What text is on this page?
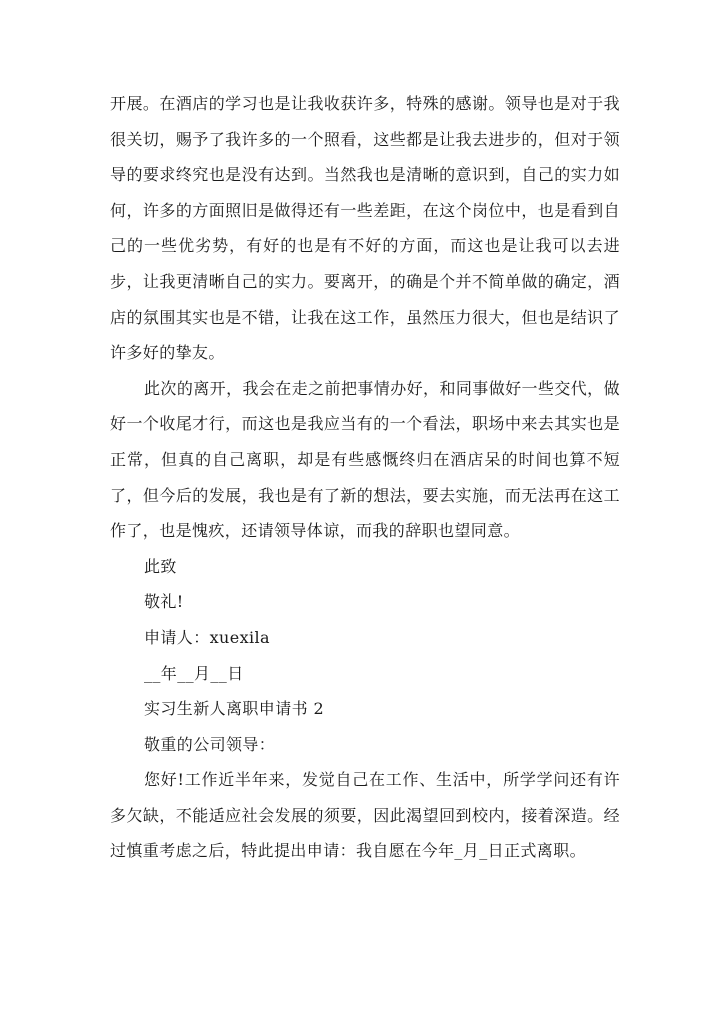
开展。在酒店的学习也是让我收获许多，特殊的感谢。领导也是对于我很关切，赐予了我许多的一个照看，这些都是让我去进步的，但对于领导的要求终究也是没有达到。当然我也是清晰的意识到，自己的实力如何，许多的方面照旧是做得还有一些差距，在这个岗位中，也是看到自己的一些优劣势，有好的也是有不好的方面，而这也是让我可以去进步，让我更清晰自己的实力。要离开，的确是个并不简单做的确定，酒店的氛围其实也是不错，让我在这工作，虽然压力很大，但也是结识了许多好的挚友。

此次的离开，我会在走之前把事情办好，和同事做好一些交代，做好一个收尾才行，而这也是我应当有的一个看法，职场中来去其实也是正常，但真的自己离职，却是有些感慨终归在酒店呆的时间也算不短了，但今后的发展，我也是有了新的想法，要去实施，而无法再在这工作了，也是愧疚，还请领导体谅，而我的辞职也望同意。

此致

敬礼!

申请人：xuexila

__年__月__日

实习生新人离职申请书 2

敬重的公司领导：

您好!工作近半年来，发觉自己在工作、生活中，所学学问还有许多欠缺，不能适应社会发展的须要，因此渴望回到校内，接着深造。经过慎重考虑之后，特此提出申请：我自愿在今年_月_日正式离职。
